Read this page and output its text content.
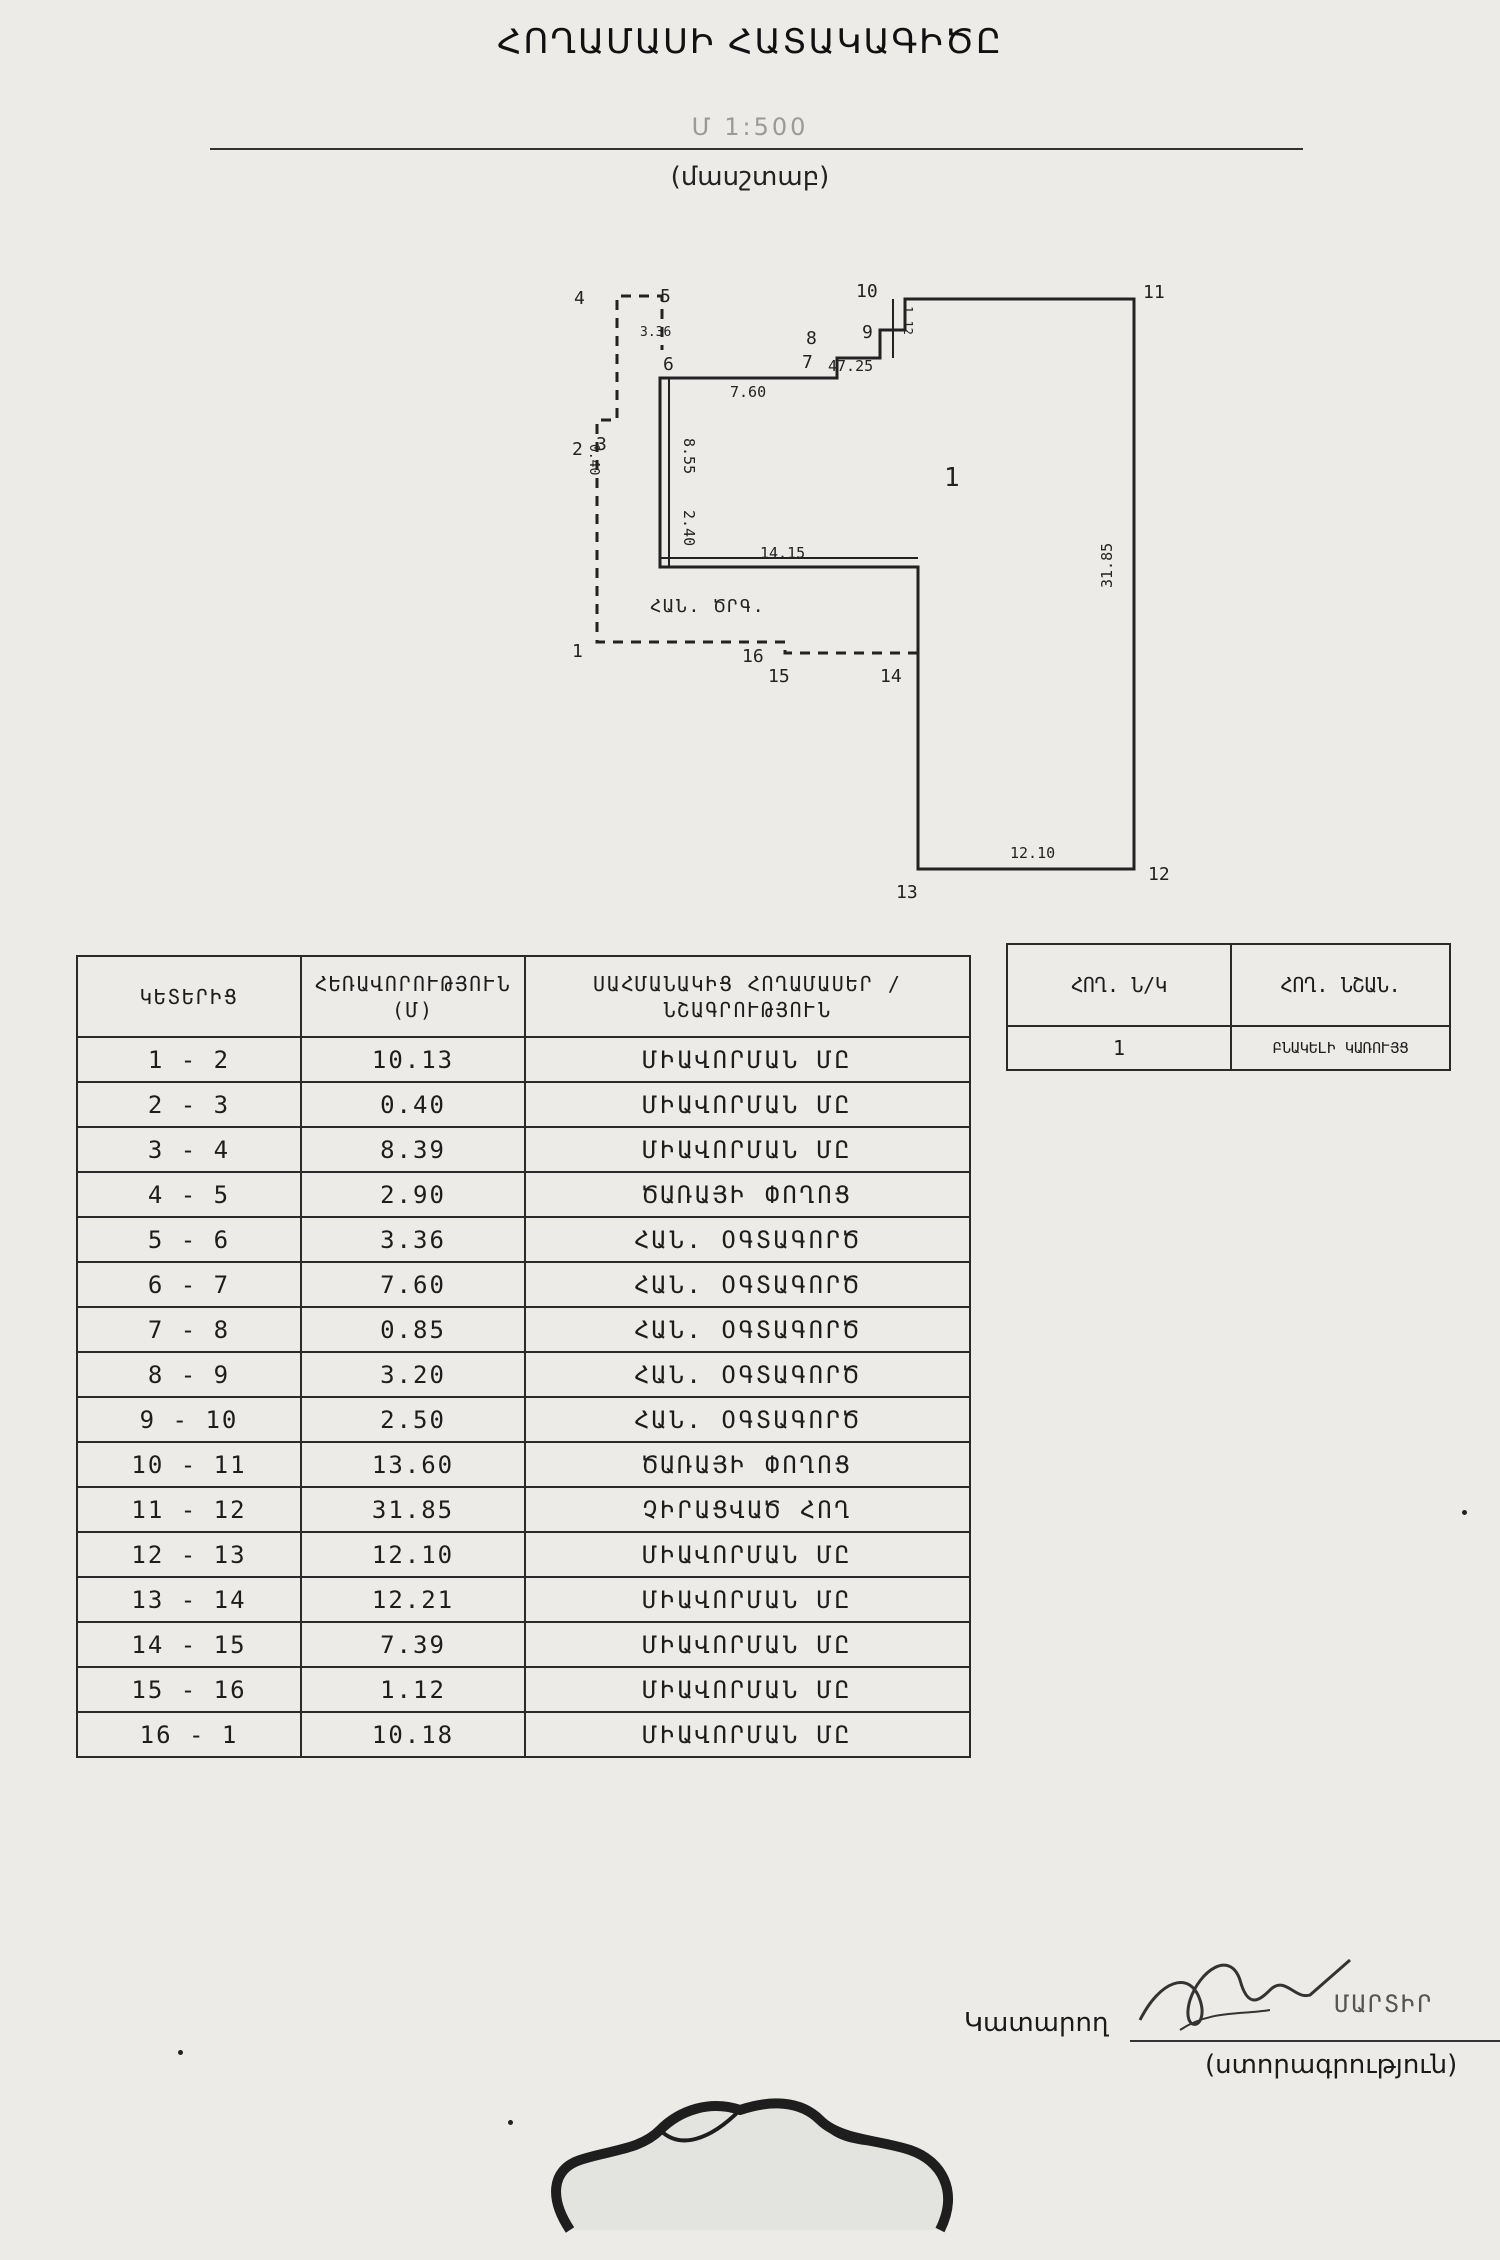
ՀՈՂԱՄԱՍԻ ՀԱՏԱԿԱԳԻԾԸ
Մ 1:500
(մասշտաբ)
1
2 3
4	5
6	7
8	9
10	11
12
13
14
15
16
1
ՀԱՆ. ԾՐԳ.
7.60
8.55
2.40
14.15	31.85
12.10
1.12
0.40
3.36
47.25
ԿԵՏԵՐԻՑ	ՀԵՌԱՎՈՐՈՒԹՅՈՒՆ (Մ)	ՍԱՀՄԱՆԱԿԻՑ ՀՈՂԱՄԱՍԵՐ / ՆՇԱԳՐՈՒԹՅՈՒՆ
1 - 2	10.13	ՄԻԱՎՈՐՄԱՆ ՄԸ
2 - 3	0.40	ՄԻԱՎՈՐՄԱՆ ՄԸ
3 - 4	8.39	ՄԻԱՎՈՐՄԱՆ ՄԸ
4 - 5	2.90	ԾԱՌԱՅԻ ՓՈՂՈՑ
5 - 6	3.36	ՀԱՆ. ՕԳՏԱԳՈՐԾ
6 - 7	7.60	ՀԱՆ. ՕԳՏԱԳՈՐԾ
7 - 8	0.85	ՀԱՆ. ՕԳՏԱԳՈՐԾ
8 - 9	3.20	ՀԱՆ. ՕԳՏԱԳՈՐԾ
9 - 10	2.50	ՀԱՆ. ՕԳՏԱԳՈՐԾ
10 - 11	13.60	ԾԱՌԱՅԻ ՓՈՂՈՑ
11 - 12	31.85	ՉԻՐԱՑՎԱԾ ՀՈՂ
12 - 13	12.10	ՄԻԱՎՈՐՄԱՆ ՄԸ
13 - 14	12.21	ՄԻԱՎՈՐՄԱՆ ՄԸ
14 - 15	7.39	ՄԻԱՎՈՐՄԱՆ ՄԸ
15 - 16	1.12	ՄԻԱՎՈՐՄԱՆ ՄԸ
16 - 1	10.18	ՄԻԱՎՈՐՄԱՆ ՄԸ
ՀՈՂ. Ն/Կ	ՀՈՂ. ՆՇԱՆ.
1	ԲՆԱԿԵԼԻ ԿԱՌՈՒՅՑ
Կատարող
ՄԱՐՏԻՐ
(ստորագրություն)
